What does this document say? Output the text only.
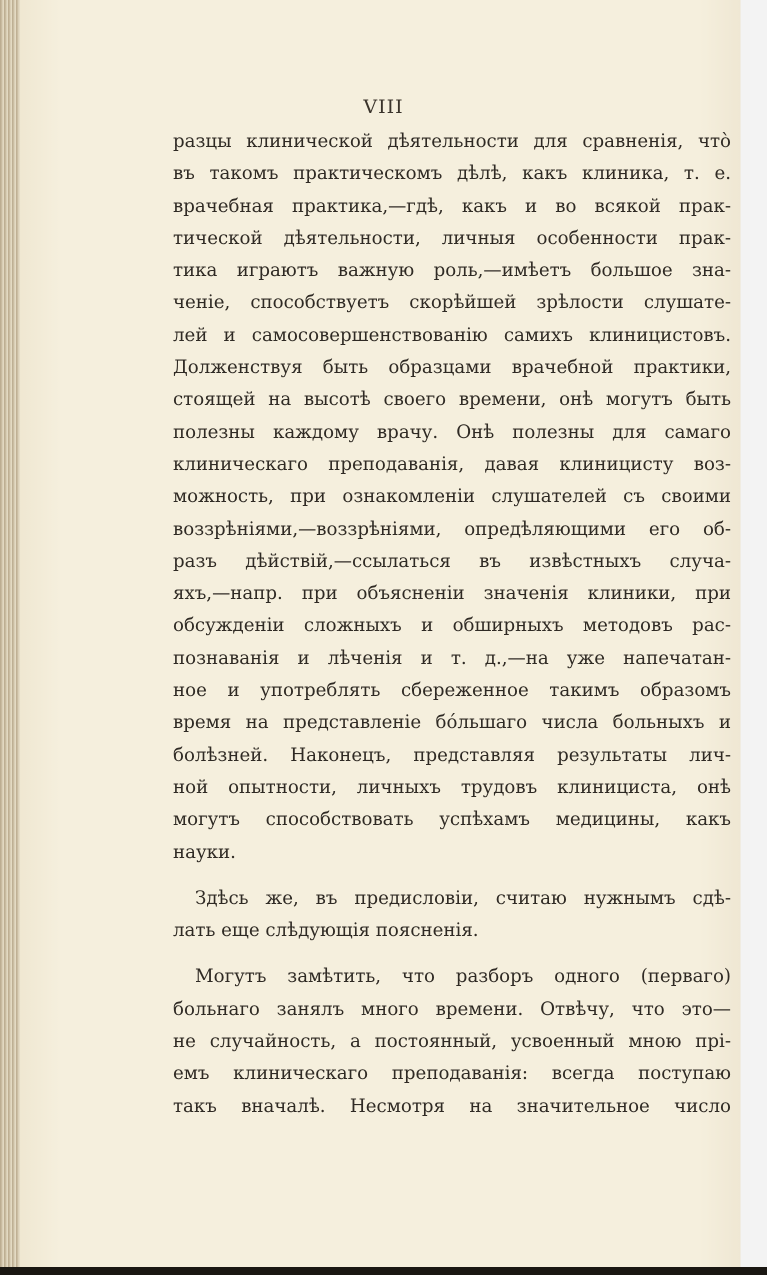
VIII
разцы клинической дѣятельности для сравненія, что̀
въ такомъ практическомъ дѣлѣ, какъ клиника, т. е.
врачебная практика,—гдѣ, какъ и во всякой прак-
тической дѣятельности, личныя особенности прак-
тика играютъ важную роль,—имѣетъ большое зна-
ченіе, способствуетъ скорѣйшей зрѣлости слушате-
лей и самосовершенствованію самихъ клиницистовъ.
Долженствуя быть образцами врачебной практики,
стоящей на высотѣ своего времени, онѣ могутъ быть
полезны каждому врачу. Онѣ полезны для самаго
клиническаго преподаванія, давая клиницисту воз-
можность, при ознакомленіи слушателей съ своими
воззрѣніями,—воззрѣніями, опредѣляющими его об-
разъ дѣйствій,—ссылаться въ извѣстныхъ случа-
яхъ,—напр. при объясненіи значенія клиники, при
обсужденіи сложныхъ и обширныхъ методовъ рас-
познаванія и лѣченія и т. д.,—на уже напечатан-
ное и употреблять сбереженное такимъ образомъ
время на представленіе бо́льшаго числа больныхъ и
болѣзней. Наконецъ, представляя результаты лич-
ной опытности, личныхъ трудовъ клинициста, онѣ
могутъ способствовать успѣхамъ медицины, какъ
науки.
Здѣсь же, въ предисловіи, считаю нужнымъ сдѣ-
лать еще слѣдующія поясненія.
Могутъ замѣтить, что разборъ одного (перваго)
больнаго занялъ много времени. Отвѣчу, что это—
не случайность, а постоянный, усвоенный мною прі-
емъ клиническаго преподаванія: всегда поступаю
такъ вначалѣ. Несмотря на значительное число
